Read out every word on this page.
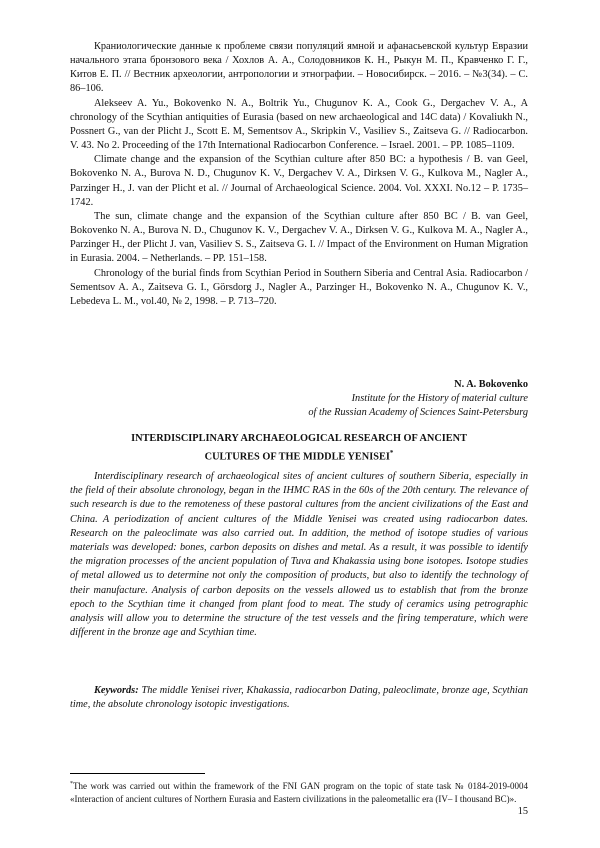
Краниологические данные к проблеме связи популяций ямной и афанасьевской культур Евразии начального этапа бронзового века / Хохлов А. А., Солодовников К. Н., Рыкун М. П., Кравченко Г. Г., Китов Е. П. // Вестник археологии, антропологии и этнографии. – Новосибирск. – 2016. – №3(34). – С. 86–106.

Alekseev A. Yu., Bokovenko N. A., Boltrik Yu., Chugunov K. A., Cook G., Dergachev V. A., A chronology of the Scythian antiquities of Eurasia (based on new archaeological and 14C data) / Kovaliukh N., Possnert G., van der Plicht J., Scott E. M, Sementsov A., Skripkin V., Vasiliev S., Zaitseva G. // Radiocarbon. V. 43. No 2. Proceeding of the 17th International Radiocarbon Conference. – Israel. 2001. – PP. 1085–1109.

Climate change and the expansion of the Scythian culture after 850 BC: a hypothesis / B. van Geel, Bokovenko N. A., Burova N. D., Chugunov K. V., Dergachev V. A., Dirksen V. G., Kulkova M., Nagler A., Parzinger H., J. van der Plicht et al. // Journal of Archaeological Science. 2004. Vol. XXXI. No.12 – P. 1735–1742.

The sun, climate change and the expansion of the Scythian culture after 850 BC / B. van Geel, Bokovenko N. A., Burova N. D., Chugunov K. V., Dergachev V. A., Dirksen V. G., Kulkova M. A., Nagler A., Parzinger H., der Plicht J. van, Vasiliev S. S., Zaitseva G. I. // Impact of the Environment on Human Migration in Eurasia. 2004. – Netherlands. – PP. 151–158.

Chronology of the burial finds from Scythian Period in Southern Siberia and Central Asia. Radiocarbon / Sementsov A. A., Zaitseva G. I., Görsdorg J., Nagler A., Parzinger H., Bokovenko N. A., Chugunov K. V., Lebedeva L. M., vol.40, № 2, 1998. – P. 713–720.

N. A. Bokovenko
Institute for the History of material culture
of the Russian Academy of Sciences Saint-Petersburg
INTERDISCIPLINARY ARCHAEOLOGICAL RESEARCH OF ANCIENT
CULTURES OF THE MIDDLE YENISEI*

Interdisciplinary research of archaeological sites of ancient cultures of southern Siberia, especially in the field of their absolute chronology, began in the IHMC RAS in the 60s of the 20th century. The relevance of such research is due to the remoteness of these pastoral cultures from the ancient civilizations of the East and China. A periodization of ancient cultures of the Middle Yenisei was created using radiocarbon dates. Research on the paleoclimate was also carried out. In addition, the method of isotope studies of various materials was developed: bones, carbon deposits on dishes and metal. As a result, it was possible to identify the migration processes of the ancient population of Tuva and Khakassia using bone isotopes. Isotope studies of metal allowed us to determine not only the composition of products, but also to identify the technology of their manufacture. Analysis of carbon deposits on the vessels allowed us to establish that from the bronze epoch to the Scythian time it changed from plant food to meat. The study of ceramics using petrographic analysis will allow you to determine the structure of the test vessels and the firing temperature, which were different in the bronze age and Scythian time.

Keywords: The middle Yenisei river, Khakassia, radiocarbon Dating, paleoclimate, bronze age, Scythian time, the absolute chronology isotopic investigations.

*The work was carried out within the framework of the FNI GAN program on the topic of state task № 0184-2019-0004 «Interaction of ancient cultures of Northern Eurasia and Eastern civilizations in the paleometallic era (IV– I thousand BC)».

15
